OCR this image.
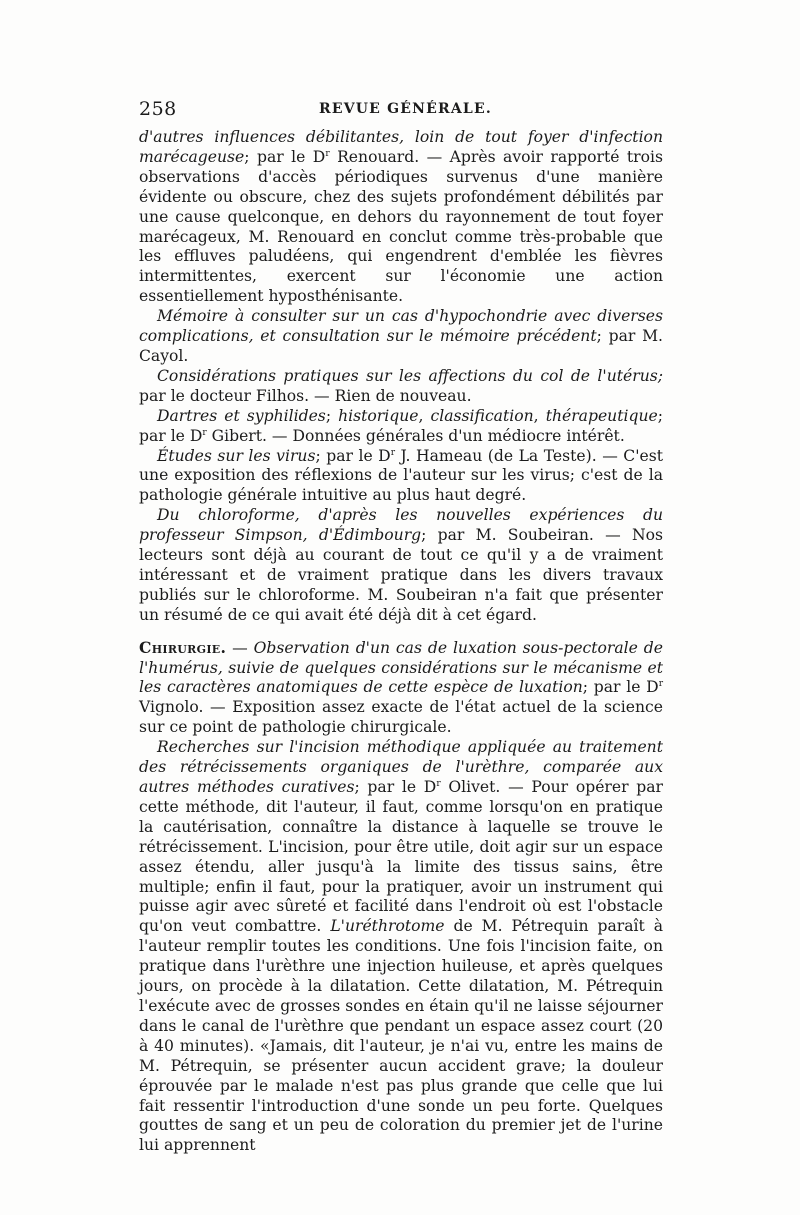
258	REVUE GÉNÉRALE.

d'autres influences débilitantes, loin de tout foyer d'infection marécageuse; par le $D^r$ Renouard. — Après avoir rapporté trois observations d'accès périodiques survenus d'une manière évidente ou obscure, chez des sujets profondément débilités par une cause quelconque, en dehors du rayonnement de tout foyer marécageux, M. Renouard en conclut comme très-probable que les effluves paludéens, qui engendrent d'emblée les fièvres intermittentes, exercent sur l'économie une action essentiellement hyposthénisante.

Mémoire à consulter sur un cas d'hypochondrie avec diverses complications, et consultation sur le mémoire précédent; par M. Cayol.

Considérations pratiques sur les affections du col de l'utérus; par le docteur Filhos. — Rien de nouveau.

Dartres et syphilides; historique, classification, thérapeutique; par le $D^r$ Gibert. — Données générales d'un médiocre intérêt.

Études sur les virus; par le $D^r$ J. Hameau (de La Teste). — C'est une exposition des réflexions de l'auteur sur les virus; c'est de la pathologie générale intuitive au plus haut degré.

Du chloroforme, d'après les nouvelles expériences du professeur Simpson, d'Édimbourg; par M. Soubeiran. — Nos lecteurs sont déjà au courant de tout ce qu'il y a de vraiment intéressant et de vraiment pratique dans les divers travaux publiés sur le chloroforme. M. Soubeiran n'a fait que présenter un résumé de ce qui avait été déjà dit à cet égard.

Chirurgie. — Observation d'un cas de luxation sous-pectorale de l'humérus, suivie de quelques considérations sur le mécanisme et les caractères anatomiques de cette espèce de luxation; par le $D^r$ Vignolo. — Exposition assez exacte de l'état actuel de la science sur ce point de pathologie chirurgicale.

Recherches sur l'incision méthodique appliquée au traitement des rétrécissements organiques de l'urèthre, comparée aux autres méthodes curatives; par le $D^r$ Olivet. — Pour opérer par cette méthode, dit l'auteur, il faut, comme lorsqu'on en pratique la cautérisation, connaître la distance à laquelle se trouve le rétrécissement. L'incision, pour être utile, doit agir sur un espace assez étendu, aller jusqu'à la limite des tissus sains, être multiple; enfin il faut, pour la pratiquer, avoir un instrument qui puisse agir avec sûreté et facilité dans l'endroit où est l'obstacle qu'on veut combattre. L'uréthrotome de M. Pétrequin paraît à l'auteur remplir toutes les conditions. Une fois l'incision faite, on pratique dans l'urèthre une injection huileuse, et après quelques jours, on procède à la dilatation. Cette dilatation, M. Pétrequin l'exécute avec de grosses sondes en étain qu'il ne laisse séjourner dans le canal de l'urèthre que pendant un espace assez court (20 à 40 minutes). «Jamais, dit l'auteur, je n'ai vu, entre les mains de M. Pétrequin, se présenter aucun accident grave; la douleur éprouvée par le malade n'est pas plus grande que celle que lui fait ressentir l'introduction d'une sonde un peu forte. Quelques gouttes de sang et un peu de coloration du premier jet de l'urine lui apprennent
